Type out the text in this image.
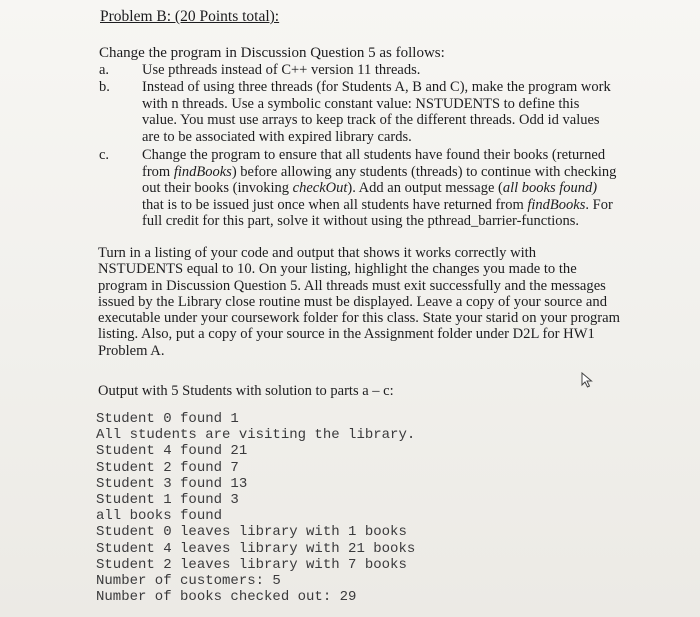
Problem B: (20 Points total):
Change the program in Discussion Question 5 as follows:
a.	Use pthreads instead of C++ version 11 threads.
b.	Instead of using three threads (for Students A, B and C), make the program work
with n threads. Use a symbolic constant value: NSTUDENTS to define this
value. You must use arrays to keep track of the different threads. Odd id values
are to be associated with expired library cards.
c.	Change the program to ensure that all students have found their books (returned
from findBooks) before allowing any students (threads) to continue with checking
out their books (invoking checkOut). Add an output message (all books found)
that is to be issued just once when all students have returned from findBooks. For
full credit for this part, solve it without using the pthread_barrier-functions.
Turn in a listing of your code and output that shows it works correctly with
NSTUDENTS equal to 10. On your listing, highlight the changes you made to the
program in Discussion Question 5. All threads must exit successfully and the messages
issued by the Library close routine must be displayed. Leave a copy of your source and
executable under your coursework folder for this class. State your starid on your program
listing. Also, put a copy of your source in the Assignment folder under D2L for HW1
Problem A.
Output with 5 Students with solution to parts a – c:
Student 0 found 1
All students are visiting the library.
Student 4 found 21
Student 2 found 7
Student 3 found 13
Student 1 found 3
all books found
Student 0 leaves library with 1 books
Student 4 leaves library with 21 books
Student 2 leaves library with 7 books
Number of customers: 5
Number of books checked out: 29
